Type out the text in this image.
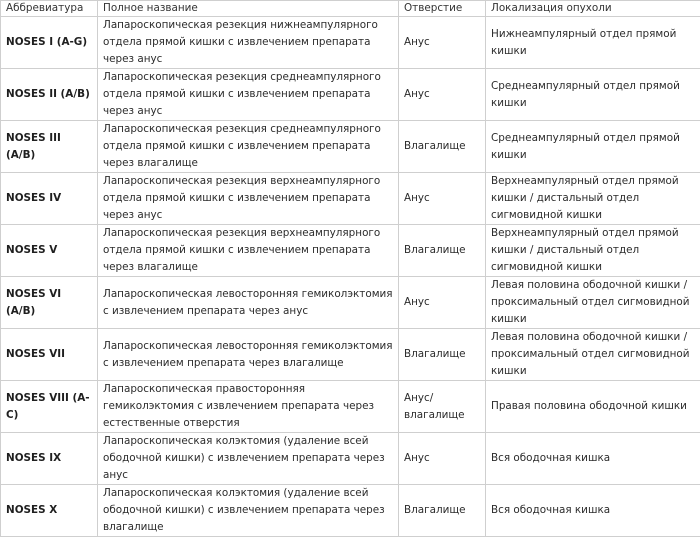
Аббревиатура	Полное название	Отверстие	Локализация опухоли
NOSES I (A-G)	Лапароскопическая резекция нижнеампулярного отдела прямой кишки с извлечением препарата через анус	Анус	Нижнеампулярный отдел прямой кишки
NOSES II (A/B)	Лапароскопическая резекция среднеампулярного отдела прямой кишки с извлечением препарата через анус	Анус	Среднеампулярный отдел прямой кишки
NOSES III (A/B)	Лапароскопическая резекция среднеампулярного отдела прямой кишки с извлечением препарата через влагалище	Влагалище	Среднеампулярный отдел прямой кишки
NOSES IV	Лапароскопическая резекция верхнеампулярного отдела прямой кишки с извлечением препарата через анус	Анус	Верхнеампулярный отдел прямой кишки / дистальный отдел сигмовидной кишки
NOSES V	Лапароскопическая резекция верхнеампулярного отдела прямой кишки с извлечением препарата через влагалище	Влагалище	Верхнеампулярный отдел прямой кишки / дистальный отдел сигмовидной кишки
NOSES VI (A/B)	Лапароскопическая левосторонняя гемиколэктомия с извлечением препарата через анус	Анус	Левая половина ободочной кишки / проксимальный отдел сигмовидной кишки
NOSES VII	Лапароскопическая левосторонняя гемиколэктомия с извлечением препарата через влагалище	Влагалище	Левая половина ободочной кишки / проксимальный отдел сигмовидной кишки
NOSES VIII (A-C)	Лапароскопическая правосторонняя гемиколэктомия с извлечением препарата через естественные отверстия	Анус/влагалище	Правая половина ободочной кишки
NOSES IX	Лапароскопическая колэктомия (удаление всей ободочной кишки) с извлечением препарата через анус	Анус	Вся ободочная кишка
NOSES X	Лапароскопическая колэктомия (удаление всей ободочной кишки) с извлечением препарата через влагалище	Влагалище	Вся ободочная кишка
